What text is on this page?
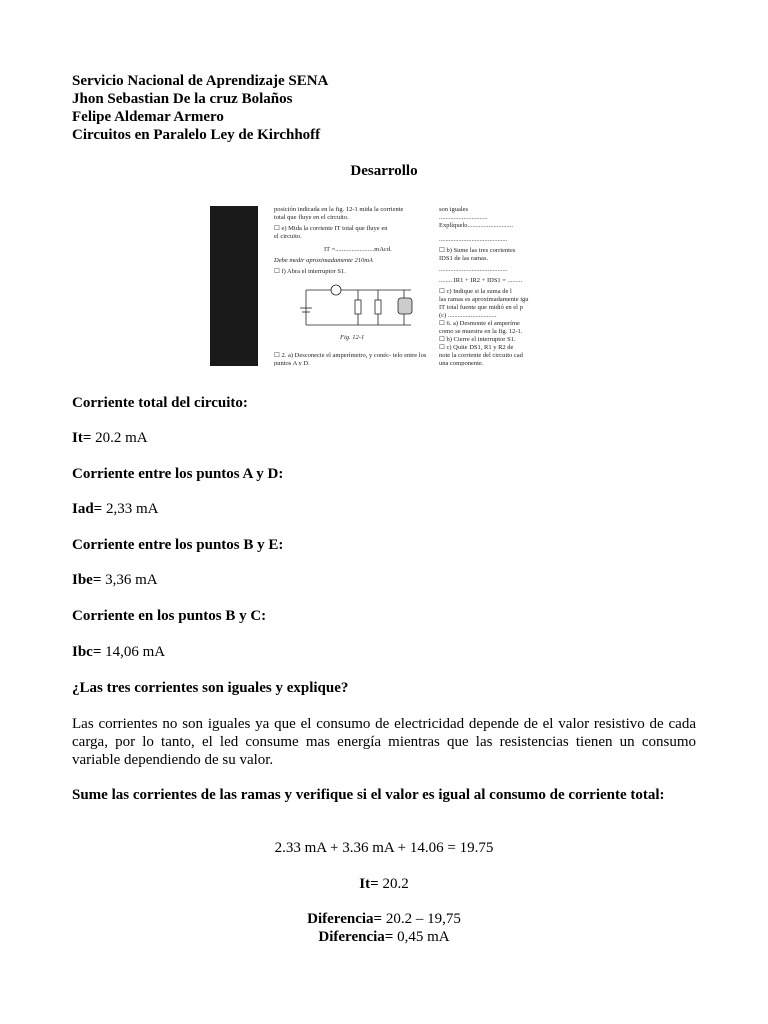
Servicio Nacional de Aprendizaje SENA
Jhon Sebastian De la cruz Bolaños
Felipe Aldemar Armero
Circuitos en Paralelo Ley de Kirchhoff
Desarrollo
posición indicada en la fig. 12-1 mida la corriente
total que fluye en el circuito.
☐ e) Mida la corriente IT total que fluye en
el circuito.
IT =........................mAcd.
Debe medir aproximadamente 210mA
☐ f) Abra el interruptor S1.
Fig. 12-1
☐ 2. a) Desconecte el amperímetro, y conéc- telo entre los puntos A y D.
son iguales
..............................
Explíquelo............................
..........................................
☐ b) Sume las tres corrientes
IDS1 de las ramas.
..........................................
........ IR1 + IR2 + IDS1 = .........
☐ c) Indique si la suma de l
las ramas es aproximadamente igu
IT total fuente que midió en el p
(c) ..............................
☐ 6. a) Desmonte el amperíme
como se muestra en la fig. 12-1.
☐ b) Cierre el interruptor S1.
☐ c) Quite DS1, R1 y R2 de
note la corriente del circuito cad
una componente.
Corriente total del circuito:
It= 20.2 mA
Corriente entre los puntos A y D:
Iad= 2,33 mA
Corriente entre los puntos B y E:
Ibe= 3,36 mA
Corriente en los puntos B y C:
Ibc= 14,06 mA
¿Las tres corrientes son iguales y explique?
Las corrientes no son iguales ya que el consumo de electricidad depende de el valor resistivo de cada carga, por lo tanto, el led consume mas energía mientras que las resistencias tienen un consumo variable dependiendo de su valor.
Sume las corrientes de las ramas y verifique si el valor es igual al consumo de corriente total:
2.33 mA + 3.36 mA + 14.06 = 19.75
It= 20.2
Diferencia= 20.2 – 19,75
Diferencia= 0,45 mA
